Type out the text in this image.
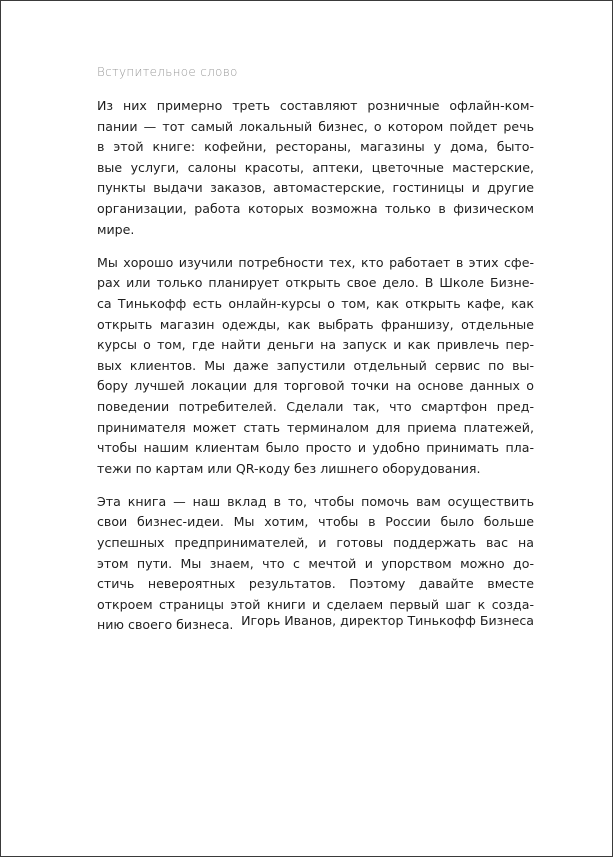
Вступительное слово

Из них примерно треть составляют розничные офлайн-ком-
пании — тот самый локальный бизнес, о котором пойдет речь
в этой книге: кофейни, рестораны, магазины у дома, быто-
вые услуги, салоны красоты, аптеки, цветочные мастерские,
пункты выдачи заказов, автомастерские, гостиницы и другие
организации, работа которых возможна только в физическом
мире.

Мы хорошо изучили потребности тех, кто работает в этих сфе-
рах или только планирует открыть свое дело. В Школе Бизне-
са Тинькофф есть онлайн-курсы о том, как открыть кафе, как
открыть магазин одежды, как выбрать франшизу, отдельные
курсы о том, где найти деньги на запуск и как привлечь пер-
вых клиентов. Мы даже запустили отдельный сервис по вы-
бору лучшей локации для торговой точки на основе данных о
поведении потребителей. Сделали так, что смартфон пред-
принимателя может стать терминалом для приема платежей,
чтобы нашим клиентам было просто и удобно принимать пла-
тежи по картам или QR-коду без лишнего оборудования.

Эта книга — наш вклад в то, чтобы помочь вам осуществить
свои бизнес-идеи. Мы хотим, чтобы в России было больше
успешных предпринимателей, и готовы поддержать вас на
этом пути. Мы знаем, что с мечтой и упорством можно до-
стичь невероятных результатов. Поэтому давайте вместе
откроем страницы этой книги и сделаем первый шаг к созда-
нию своего бизнеса. Игорь Иванов, директор Тинькофф Бизнеса
